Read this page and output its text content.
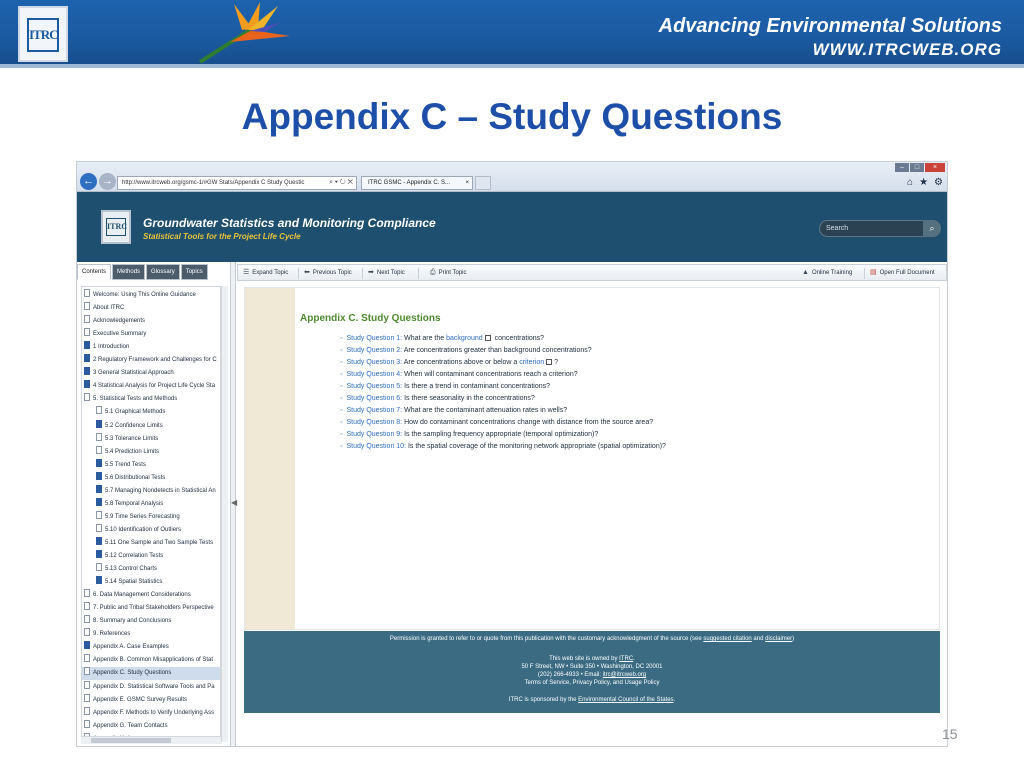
ITRC	Advancing Environmental Solutions
WWW.ITRCWEB.ORG
Appendix C – Study Questions
–	□	×
← →	http://www.itrcweb.org/gsmc-1/#GW Stats/Appendix C Study Questic	⌕ ▾ ↻ ✕	ITRC GSMC - Appendix C. S...	×	⌂ ★ ⚙
ITRC Groundwater Statistics and Monitoring Compliance
Statistical Tools for the Project Life Cycle
Search	⌕
Contents	Methods	Glossary	Topics
Welcome: Using This Online Guidance
About ITRC
Acknowledgements
Executive Summary
1 Introduction
2 Regulatory Framework and Challenges for C
3 General Statistical Approach
4 Statistical Analysis for Project Life Cycle Sta
5. Statistical Tests and Methods
5.1 Graphical Methods
5.2 Confidence Limits
5.3 Tolerance Limits
5.4 Prediction Limits
5.5 Trend Tests
5.6 Distributional Tests
5.7 Managing Nondetects in Statistical An
5.8 Temporal Analysis
5.9 Time Series Forecasting
5.10 Identification of Outliers
5.11 One Sample and Two Sample Tests
5.12 Correlation Tests
5.13 Control Charts
5.14 Spatial Statistics
6. Data Management Considerations
7. Public and Tribal Stakeholders Perspective
8. Summary and Conclusions
9. References
Appendix A. Case Examples
Appendix B. Common Misapplications of Stat
Appendix C. Study Questions
Appendix D. Statistical Software Tools and Pa
Appendix E. GSMC Survey Results
Appendix F. Methods to Verify Underlying Ass
Appendix G. Team Contacts
◀
☰ Expand Topic ⬅ Previous Topic ➡ Next Topic	⎙ Print Topic	▲ Online Training	▤ Open Full Document
Appendix C. Study Questions
◦ Study Question 1: What are the background concentrations?
◦ Study Question 2: Are concentrations greater than background concentrations?
◦ Study Question 3: Are concentrations above or below a criterion ?
◦ Study Question 4: When will contaminant concentrations reach a criterion?
◦ Study Question 5: Is there a trend in contaminant concentrations?
◦ Study Question 6: Is there seasonality in the concentrations?
◦ Study Question 7: What are the contaminant attenuation rates in wells?
◦ Study Question 8: How do contaminant concentrations change with distance from the source area?
◦ Study Question 9: Is the sampling frequency appropriate (temporal optimization)?
◦ Study Question 10: Is the spatial coverage of the monitoring network appropriate (spatial optimization)?

Permission is granted to refer to or quote from this publication with the customary acknowledgment of the source (see suggested citation and disclaimer)

This web site is owned by ITRC.

50 F Street, NW • Suite 350 • Washington, DC 20001

(202) 266-4933 • Email: itrc@itrcweb.org

Terms of Service, Privacy Policy, and Usage Policy

ITRC is sponsored by the Environmental Council of the States.

15
